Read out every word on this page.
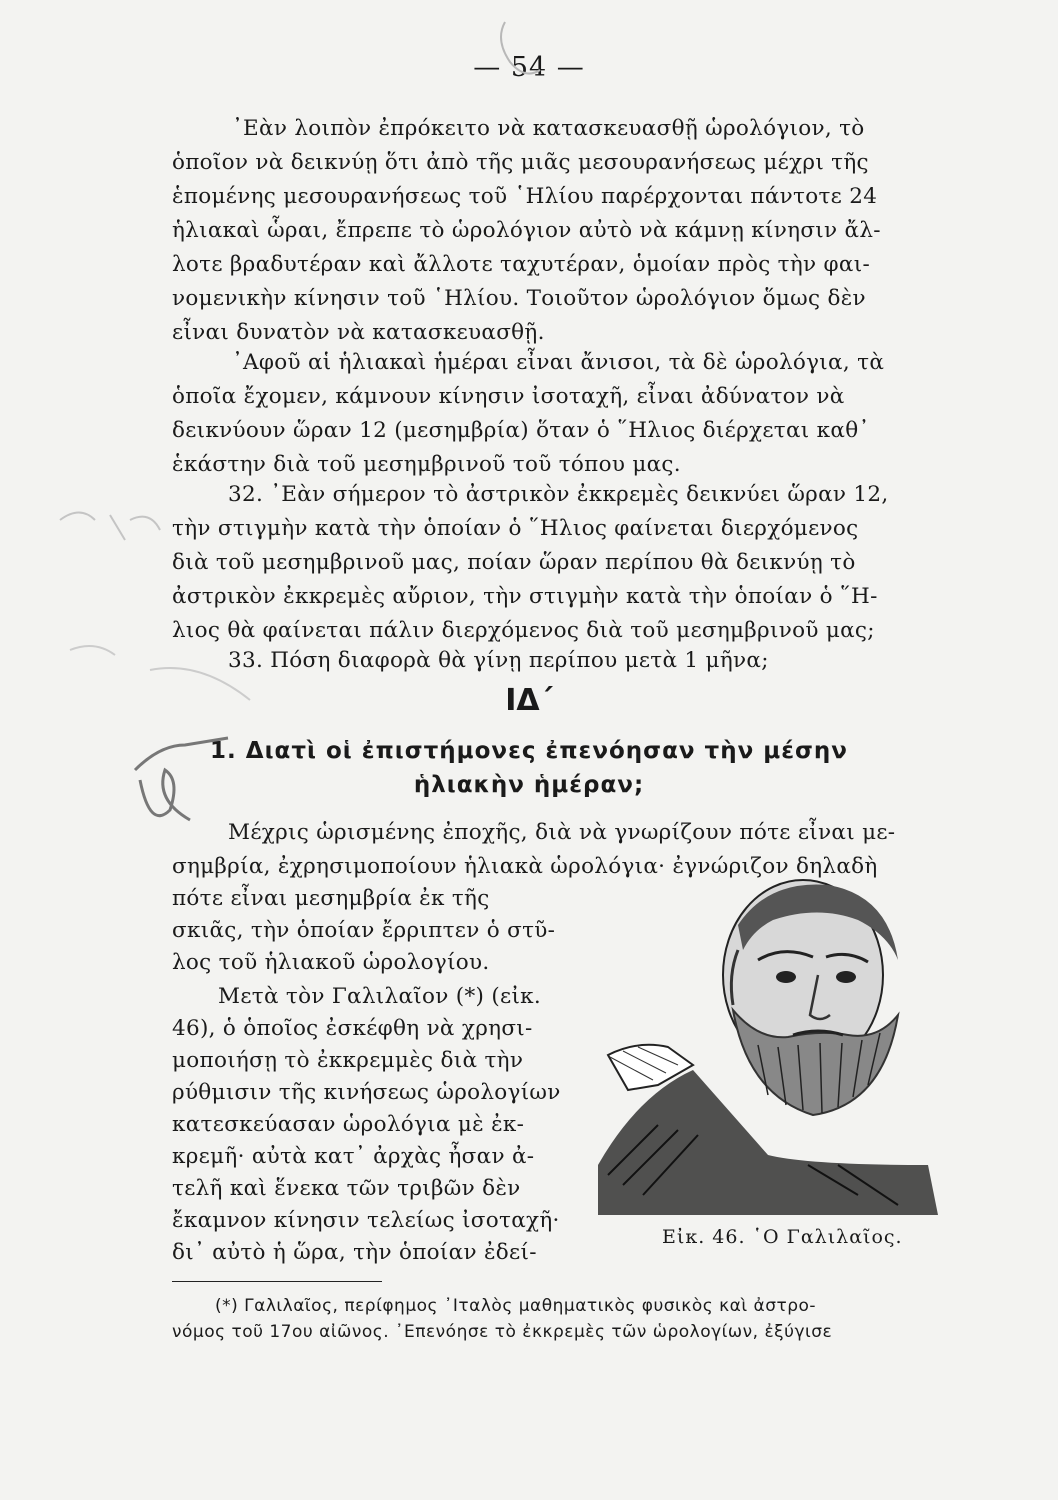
— 54 —
᾿Εὰν λοιπὸν ἐπρόκειτο νὰ κατασκευασθῇ ὡρολόγιον, τὸ
ὁποῖον νὰ δεικνύῃ ὅτι ἀπὸ τῆς μιᾶς μεσουρανήσεως μέχρι τῆς
ἑπομένης μεσουρανήσεως τοῦ ῾Ηλίου παρέρχονται πάντοτε 24
ἡλιακαὶ ὧραι, ἔπρεπε τὸ ὡρολόγιον αὐτὸ νὰ κάμνῃ κίνησιν ἄλ-
λοτε βραδυτέραν καὶ ἄλλοτε ταχυτέραν, ὁμοίαν πρὸς τὴν φαι-
νομενικὴν κίνησιν τοῦ ῾Ηλίου. Τοιοῦτον ὡρολόγιον ὅμως δὲν
εἶναι δυνατὸν νὰ κατασκευασθῇ.
᾿Αφοῦ αἱ ἡλιακαὶ ἡμέραι εἶναι ἄνισοι, τὰ δὲ ὡρολόγια, τὰ
ὁποῖα ἔχομεν, κάμνουν κίνησιν ἰσοταχῆ, εἶναι ἀδύνατον νὰ
δεικνύουν ὥραν 12 (μεσημβρία) ὅταν ὁ ῞Ηλιος διέρχεται καθ᾿
ἑκάστην διὰ τοῦ μεσημβρινοῦ τοῦ τόπου μας.
32. ᾿Εὰν σήμερον τὸ ἀστρικὸν ἐκκρεμὲς δεικνύει ὥραν 12,
τὴν στιγμὴν κατὰ τὴν ὁποίαν ὁ ῞Ηλιος φαίνεται διερχόμενος
διὰ τοῦ μεσημβρινοῦ μας, ποίαν ὥραν περίπου θὰ δεικνύῃ τὸ
ἀστρικὸν ἐκκρεμὲς αὔριον, τὴν στιγμὴν κατὰ τὴν ὁποίαν ὁ ῞Η-
λιος θὰ φαίνεται πάλιν διερχόμενος διὰ τοῦ μεσημβρινοῦ μας;
33. Πόση διαφορὰ θὰ γίνῃ περίπου μετὰ 1 μῆνα;
ΙΔ΄
1. Διατὶ οἱ ἐπιστήμονες ἐπενόησαν τὴν μέσην
ἡλιακὴν ἡμέραν;
Μέχρις ὡρισμένης ἐποχῆς, διὰ νὰ γνωρίζουν πότε εἶναι με-
σημβρία, ἐχρησιμοποίουν ἡλιακὰ ὡρολόγια· ἐγνώριζον δηλαδὴ
πότε εἶναι μεσημβρία ἐκ τῆς
σκιᾶς, τὴν ὁποίαν ἔρριπτεν ὁ στῦ-
λος τοῦ ἡλιακοῦ ὡρολογίου.
Μετὰ τὸν Γαλιλαῖον (*) (εἰκ.
46), ὁ ὁποῖος ἐσκέφθη νὰ χρησι-
μοποιήσῃ τὸ ἐκκρεμμὲς διὰ τὴν
ρύθμισιν τῆς κινήσεως ὡρολογίων
κατεσκεύασαν ὡρολόγια μὲ ἐκ-
κρεμῆ· αὐτὰ κατ᾿ ἀρχὰς ἦσαν ἀ-
τελῆ καὶ ἕνεκα τῶν τριβῶν δὲν
ἔκαμνον κίνησιν τελείως ἰσοταχῆ·
δι᾿ αὐτὸ ἡ ὥρα, τὴν ὁποίαν ἐδεί-
Εἰκ. 46. ῾Ο Γαλιλαῖος.
(*) Γαλιλαῖος, περίφημος ᾿Ιταλὸς μαθηματικὸς φυσικὸς καὶ ἀστρο-
νόμος τοῦ 17ου αἰῶνος. ᾿Επενόησε τὸ ἐκκρεμὲς τῶν ὡρολογίων, ἐξύγισε
